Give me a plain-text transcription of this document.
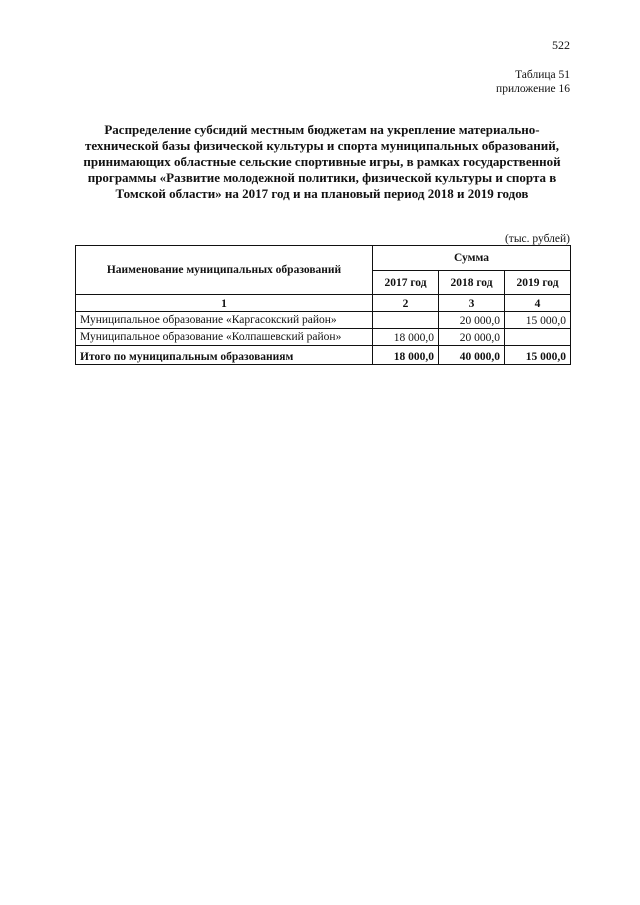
522
Таблица 51
приложение 16
Распределение субсидий местным бюджетам на укрепление материально-технической базы физической культуры и спорта муниципальных образований, принимающих областные сельские спортивные игры, в рамках государственной программы «Развитие молодежной политики, физической культуры и спорта в Томской области» на 2017 год и на плановый период 2018 и 2019 годов
(тыс. рублей)
Наименование муниципальных образований	Сумма		
	2017 год	2018 год	2019 год
1	2	3	4
Муниципальное образование «Каргасокский район»		20 000,0	15 000,0
Муниципальное образование «Колпашевский район»	18 000,0	20 000,0	
Итого по муниципальным образованиям	18 000,0	40 000,0	15 000,0
